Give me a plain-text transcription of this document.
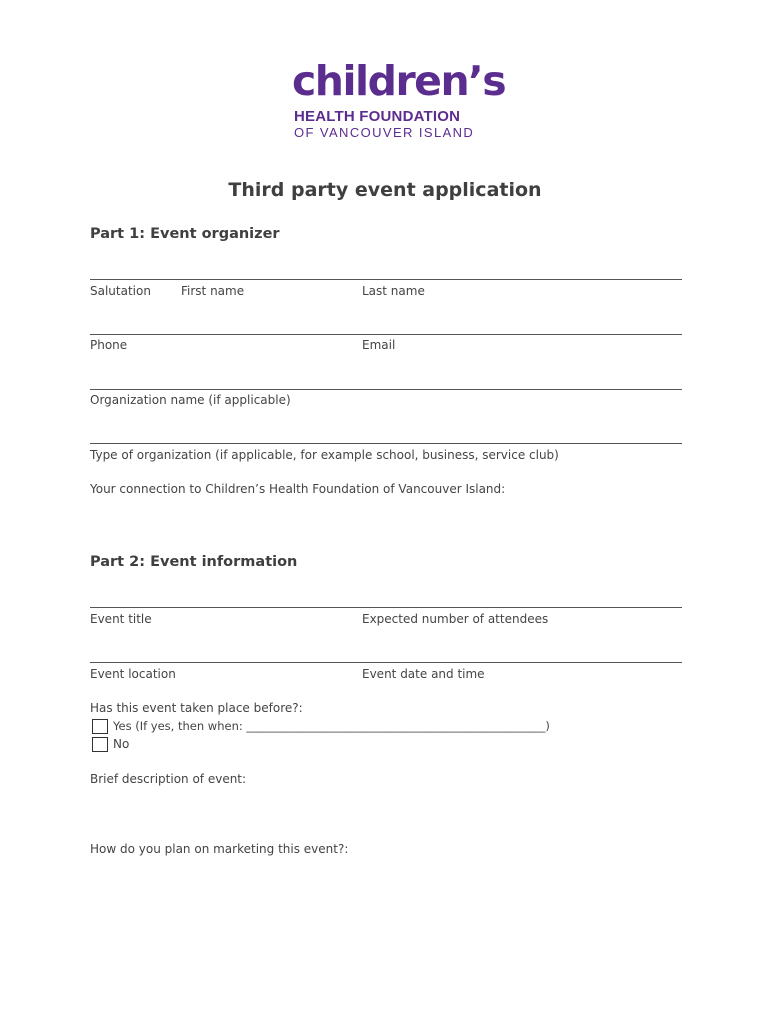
children’s
HEALTH FOUNDATION
OF VANCOUVER ISLAND
Third party event application
Part 1: Event organizer
Salutation	First name	Last name
Phone	Email
Organization name (if applicable)
Type of organization (if applicable, for example school, business, service club)
Your connection to Children’s Health Foundation of Vancouver Island:
Part 2: Event information
Event title	Expected number of attendees
Event location	Event date and time
Has this event taken place before?:
Yes (If yes, then when: ____________________________________________________)
No
Brief description of event:
How do you plan on marketing this event?:
